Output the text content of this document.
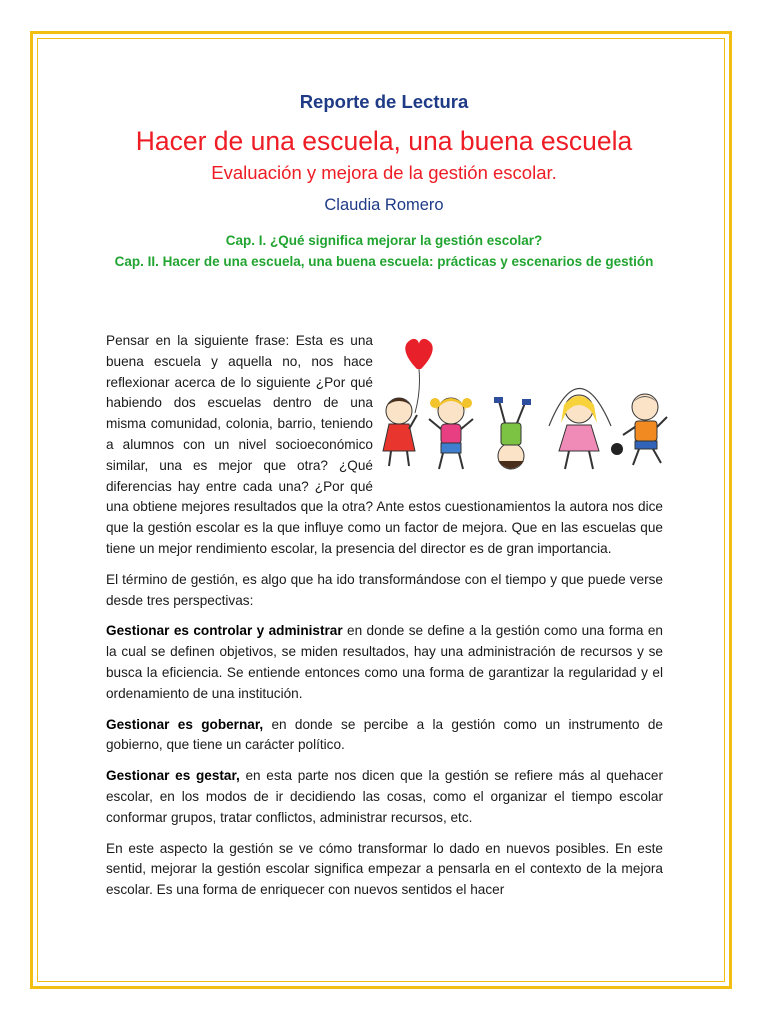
Reporte de Lectura
Hacer de una escuela, una buena escuela
Evaluación y mejora de la gestión escolar.
Claudia Romero
Cap. I. ¿Qué significa mejorar la gestión escolar?
Cap. II. Hacer de una escuela, una buena escuela: prácticas y escenarios de gestión

Pensar en la siguiente frase: Esta es una buena escuela y aquella no, nos hace reflexionar acerca de lo siguiente ¿Por qué habiendo dos escuelas dentro de una misma comunidad, colonia, barrio, teniendo a alumnos con un nivel socioeconómico similar, una es mejor que otra? ¿Qué diferencias hay entre cada una? ¿Por qué una obtiene mejores resultados que la otra? Ante estos cuestionamientos la autora nos dice que la gestión escolar es la que influye como un factor de mejora. Que en las escuelas que tiene un mejor rendimiento escolar, la presencia del director es de gran importancia.

El término de gestión, es algo que ha ido transformándose con el tiempo y que puede verse desde tres perspectivas:

Gestionar es controlar y administrar en donde se define a la gestión como una forma en la cual se definen objetivos, se miden resultados, hay una administración de recursos y se busca la eficiencia. Se entiende entonces como una forma de garantizar la regularidad y el ordenamiento de una institución.

Gestionar es gobernar, en donde se percibe a la gestión como un instrumento de gobierno, que tiene un carácter político.

Gestionar es gestar, en esta parte nos dicen que la gestión se refiere más al quehacer escolar, en los modos de ir decidiendo las cosas, como el organizar el tiempo escolar conformar grupos, tratar conflictos, administrar recursos, etc.

En este aspecto la gestión se ve cómo transformar lo dado en nuevos posibles. En este sentid, mejorar la gestión escolar significa empezar a pensarla en el contexto de la mejora escolar. Es una forma de enriquecer con nuevos sentidos el hacer
